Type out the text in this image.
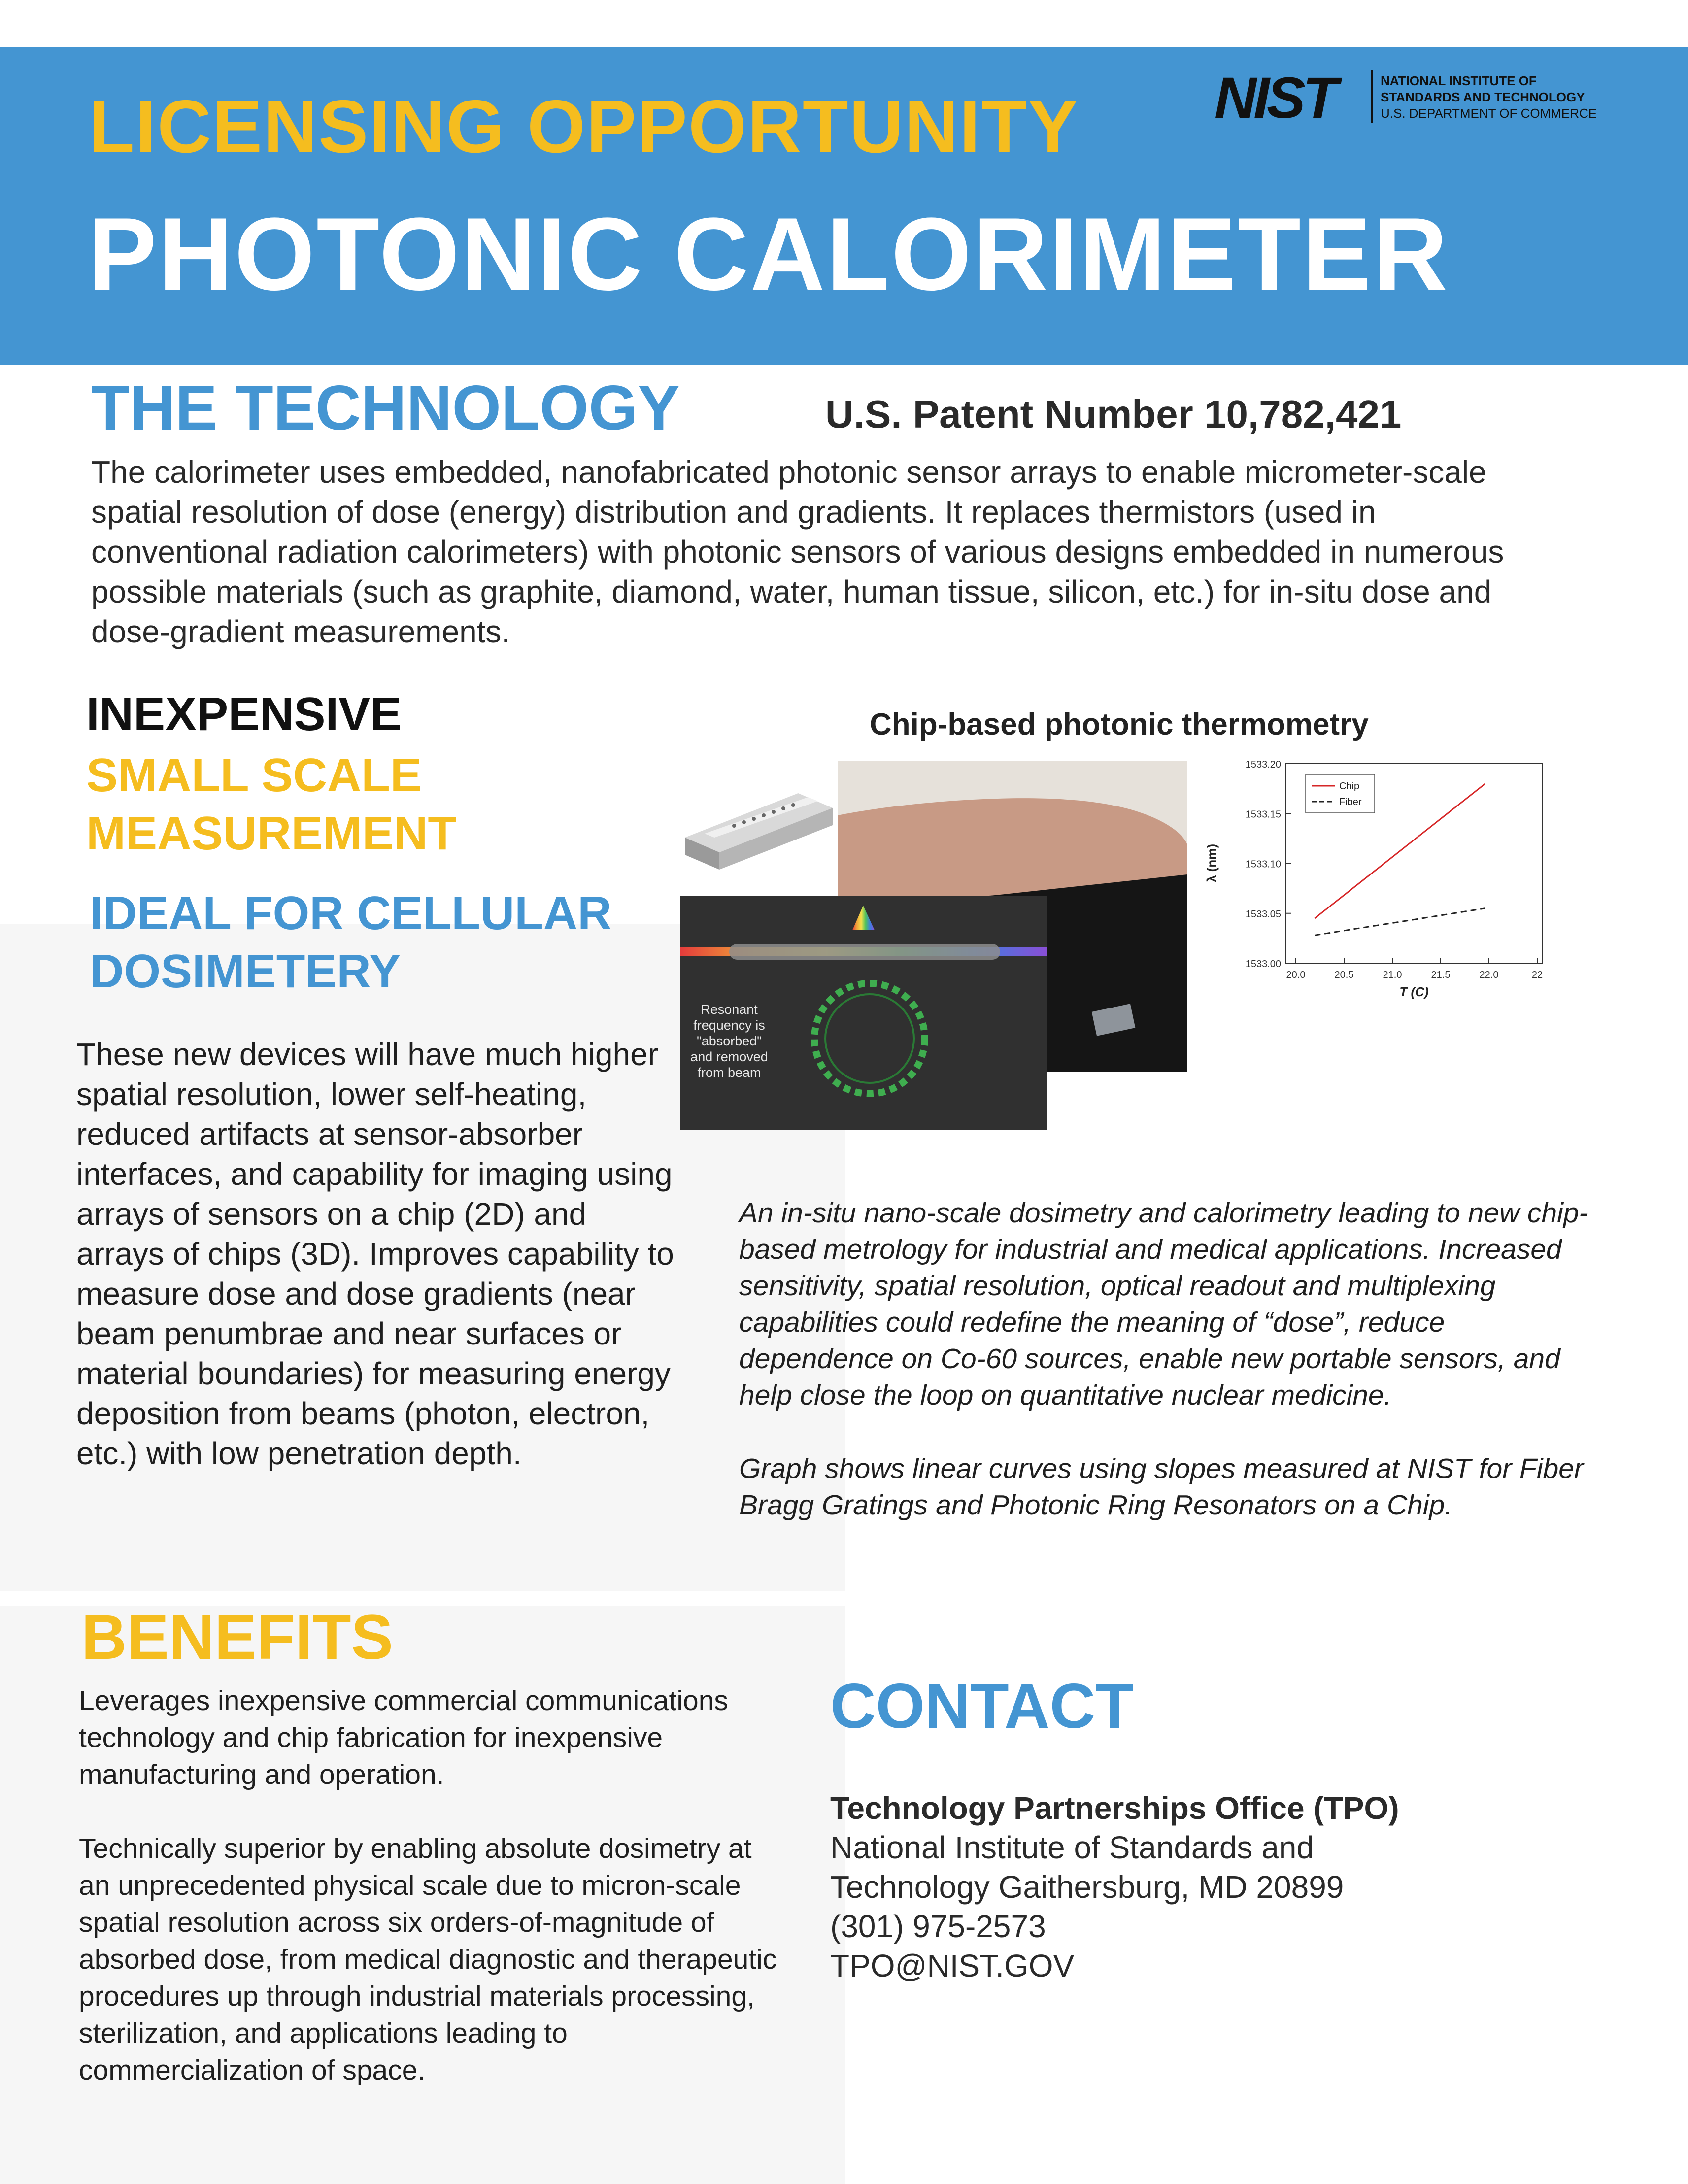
LICENSING OPPORTUNITY
PHOTONIC CALORIMETER
NIST	NATIONAL INSTITUTE OF
STANDARDS AND TECHNOLOGY
U.S. DEPARTMENT OF COMMERCE
THE TECHNOLOGY	U.S. Patent Number 10,782,421
The calorimeter uses embedded, nanofabricated photonic sensor arrays to enable micrometer-scale spatial resolution of dose (energy) distribution and gradients. It replaces thermistors (used in conventional radiation calorimeters) with photonic sensors of various designs embedded in numerous possible materials (such as graphite, diamond, water, human tissue, silicon, etc.) for in-situ dose and dose-gradient measurements.
INEXPENSIVE
SMALL SCALE MEASUREMENT
IDEAL FOR CELLULAR DOSIMETERY
These new devices will have much higher spatial resolution, lower self-heating, reduced artifacts at sensor-absorber interfaces, and capability for imaging using arrays of sensors on a chip (2D) and arrays of chips (3D). Improves capability to measure dose and dose gradients (near beam penumbrae and near surfaces or material boundaries) for measuring energy deposition from beams (photon, electron, etc.) with low penetration depth.
Chip-based photonic thermometry
Resonant
frequency is
"absorbed"
and removed
from beam
λ (nm)
T (C)
1533.20
1533.15
1533.10
1533.05
1533.00
20.0	20.5	21.0	21.5	22.0	22
Chip
Fiber

An in-situ nano-scale dosimetry and calorimetry leading to new chip-based metrology for industrial and medical applications. Increased sensitivity, spatial resolution, optical readout and multiplexing capabilities could redefine the meaning of “dose”, reduce dependence on Co-60 sources, enable new portable sensors, and help close the loop on quantitative nuclear medicine.

Graph shows linear curves using slopes measured at NIST for Fiber Bragg Gratings and Photonic Ring Resonators on a Chip.

BENEFITS

Leverages inexpensive commercial communications technology and chip fabrication for inexpensive manufacturing and operation.

Technically superior by enabling absolute dosimetry at an unprecedented physical scale due to micron-scale spatial resolution across six orders-of-magnitude of absorbed dose, from medical diagnostic and therapeutic procedures up through industrial materials processing, sterilization, and applications leading to commercialization of space.

CONTACT
Technology Partnerships Office (TPO)
National Institute of Standards and
Technology Gaithersburg, MD 20899
(301) 975-2573
TPO@NIST.GOV
